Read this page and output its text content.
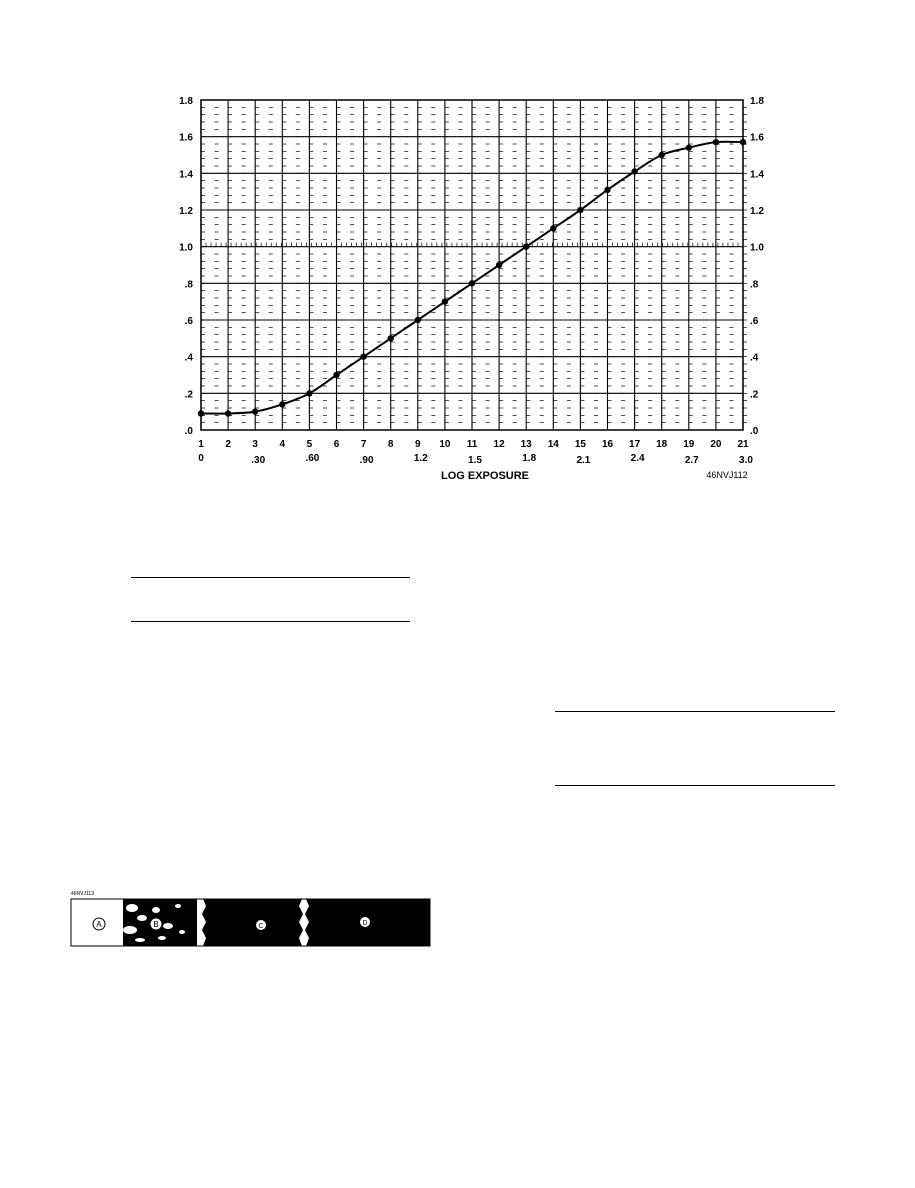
.0
.2
.4
.6
.8
1.0
1.2
1.4
1.6
1.8
.0
.2
.4
.6
.8
1.0
1.2
1.4
1.6
1.8
1 2 3 4 5 6 7 8 9 10 11 12 13 14 15 16 17 18 19 20 21
0	.30	.60	.90	1.2	1.5	1.8	2.1	2.4	2.7	3.0
LOG EXPOSURE	46NVJ112
46NVJ113
A	B	C	D
